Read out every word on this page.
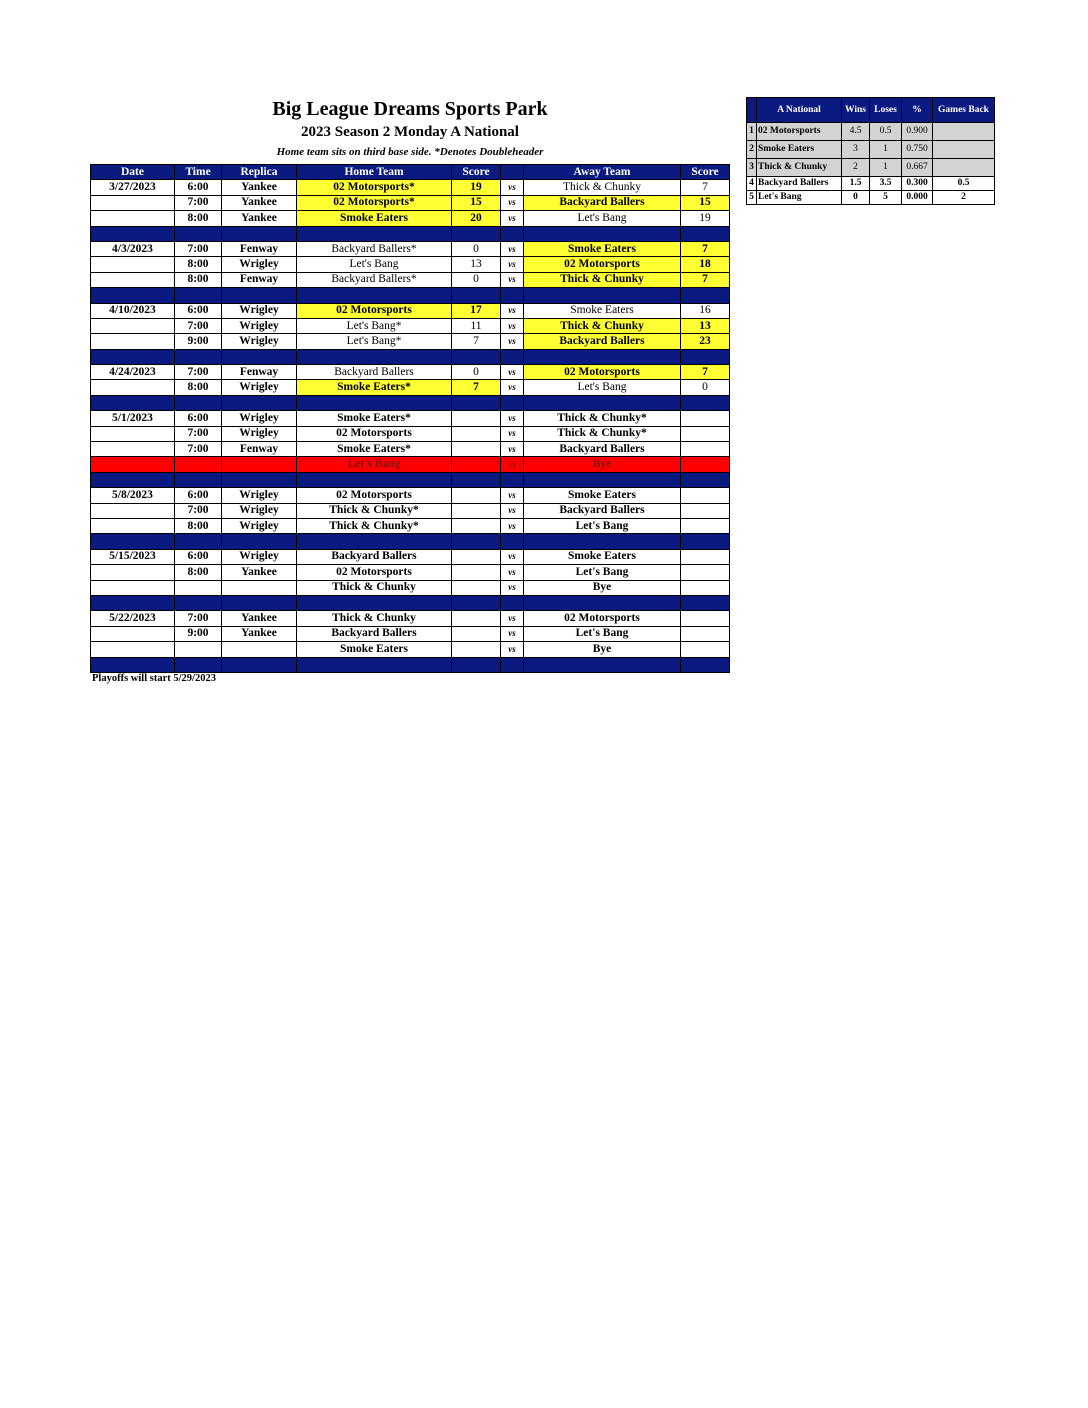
Big League Dreams Sports Park
2023 Season 2 Monday A National
Home team sits on third base side. *Denotes Doubleheader
Date	Time	Replica	Home Team	Score		Away Team	Score
3/27/2023	6:00	Yankee	02 Motorsports*	19	vs	Thick & Chunky	7
	7:00	Yankee	02 Motorsports*	15	vs	Backyard Ballers	15
	8:00	Yankee	Smoke Eaters	20	vs	Let's Bang	19

4/3/2023	7:00	Fenway	Backyard Ballers*	0	vs	Smoke Eaters	7
	8:00	Wrigley	Let's Bang	13	vs	02 Motorsports	18
	8:00	Fenway	Backyard Ballers*	0	vs	Thick & Chunky	7

4/10/2023	6:00	Wrigley	02 Motorsports	17	vs	Smoke Eaters	16
	7:00	Wrigley	Let's Bang*	11	vs	Thick & Chunky	13
	9:00	Wrigley	Let's Bang*	7	vs	Backyard Ballers	23

4/24/2023	7:00	Fenway	Backyard Ballers	0	vs	02 Motorsports	7
	8:00	Wrigley	Smoke Eaters*	7	vs	Let's Bang	0

5/1/2023	6:00	Wrigley	Smoke Eaters*		vs	Thick & Chunky*	
	7:00	Wrigley	02 Motorsports		vs	Thick & Chunky*	
	7:00	Fenway	Smoke Eaters*		vs	Backyard Ballers	
			Let's Bang		vs	Bye	

5/8/2023	6:00	Wrigley	02 Motorsports		vs	Smoke Eaters	
	7:00	Wrigley	Thick & Chunky*		vs	Backyard Ballers	
	8:00	Wrigley	Thick & Chunky*		vs	Let's Bang	

5/15/2023	6:00	Wrigley	Backyard Ballers		vs	Smoke Eaters	
	8:00	Yankee	02 Motorsports		vs	Let's Bang	
			Thick & Chunky		vs	Bye	

5/22/2023	7:00	Yankee	Thick & Chunky		vs	02 Motorsports	
	9:00	Yankee	Backyard Ballers		vs	Let's Bang	
			Smoke Eaters		vs	Bye	

Playoffs will start 5/29/2023
	A National	Wins	Loses	%	Games Back
1	02 Motorsports	4.5	0.5	0.900	
2	Smoke Eaters	3	1	0.750	
3	Thick & Chunky	2	1	0.667	
4	Backyard Ballers	1.5	3.5	0.300	0.5
5	Let's Bang	0	5	0.000	2
